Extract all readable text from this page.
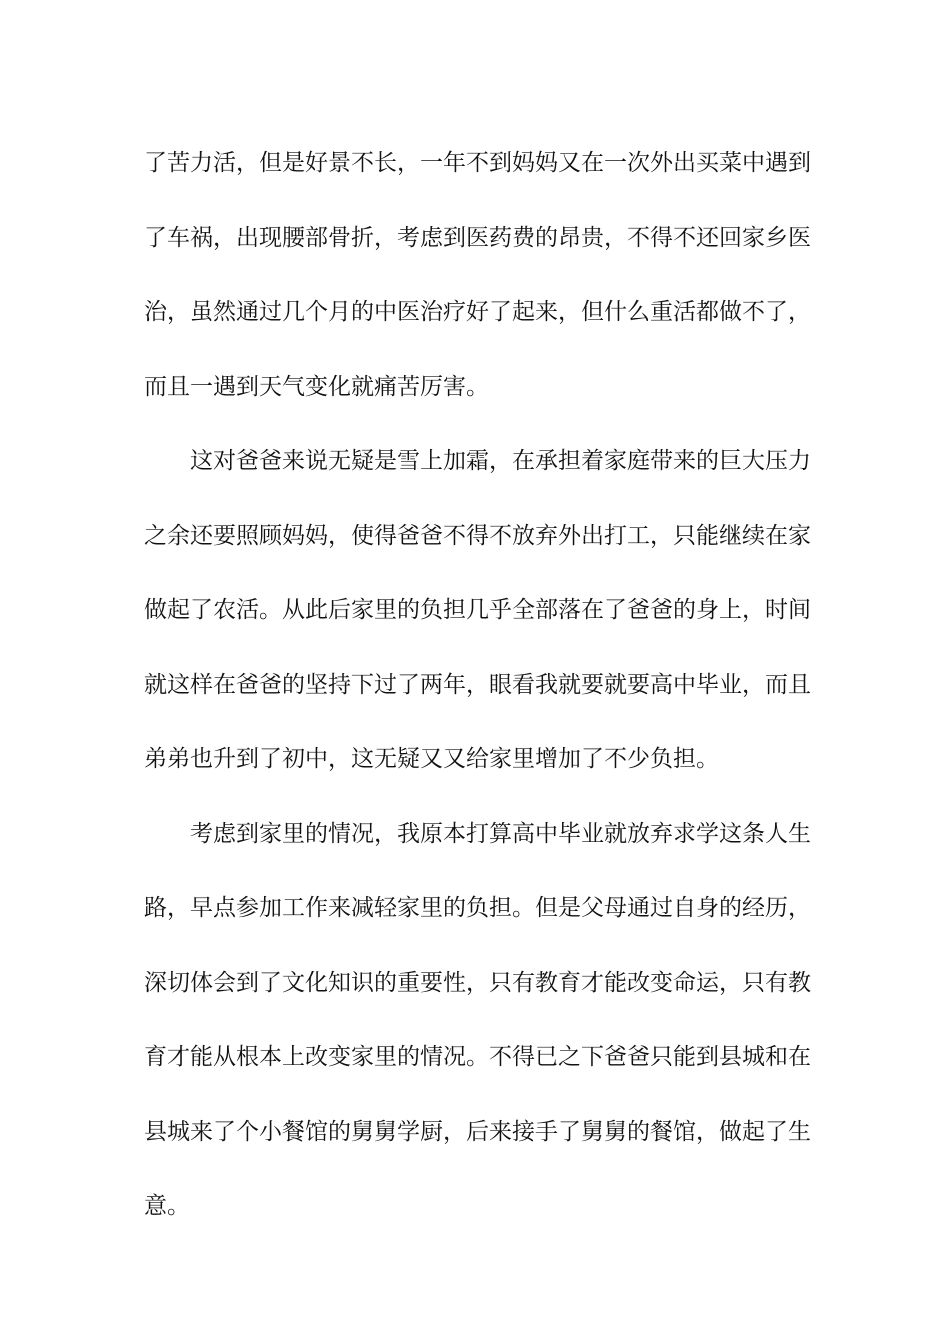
了苦力活，但是好景不长，一年不到妈妈又在一次外出买菜中遇到
了车祸，出现腰部骨折，考虑到医药费的昂贵，不得不还回家乡医
治，虽然通过几个月的中医治疗好了起来，但什么重活都做不了，
而且一遇到天气变化就痛苦厉害。
这对爸爸来说无疑是雪上加霜，在承担着家庭带来的巨大压力
之余还要照顾妈妈，使得爸爸不得不放弃外出打工，只能继续在家
做起了农活。从此后家里的负担几乎全部落在了爸爸的身上，时间
就这样在爸爸的坚持下过了两年，眼看我就要就要高中毕业，而且
弟弟也升到了初中，这无疑又又给家里增加了不少负担。
考虑到家里的情况，我原本打算高中毕业就放弃求学这条人生
路，早点参加工作来减轻家里的负担。但是父母通过自身的经历，
深切体会到了文化知识的重要性，只有教育才能改变命运，只有教
育才能从根本上改变家里的情况。不得已之下爸爸只能到县城和在
县城来了个小餐馆的舅舅学厨，后来接手了舅舅的餐馆，做起了生
意。
